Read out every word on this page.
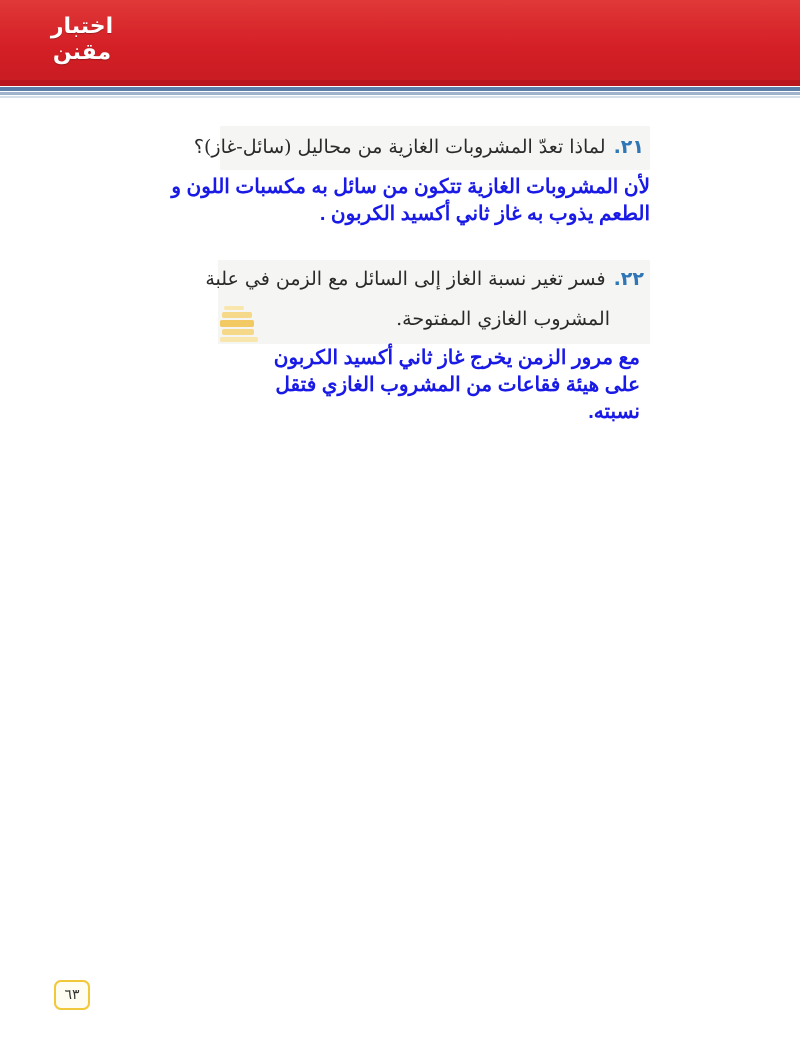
اختبار
مقنن
٢١.لماذا تعدّ المشروبات الغازية من محاليل (سائل-غاز)؟
لأن المشروبات الغازية تتكون من سائل به مكسبات اللون و
الطعم يذوب به غاز ثاني أكسيد الكربون .
٢٢.فسر تغير نسبة الغاز إلى السائل مع الزمن في علبة
المشروب الغازي المفتوحة.
مع مرور الزمن يخرج غاز ثاني أكسيد الكربون
على هيئة فقاعات من المشروب الغازي فتقل
نسبته.
٦٣
